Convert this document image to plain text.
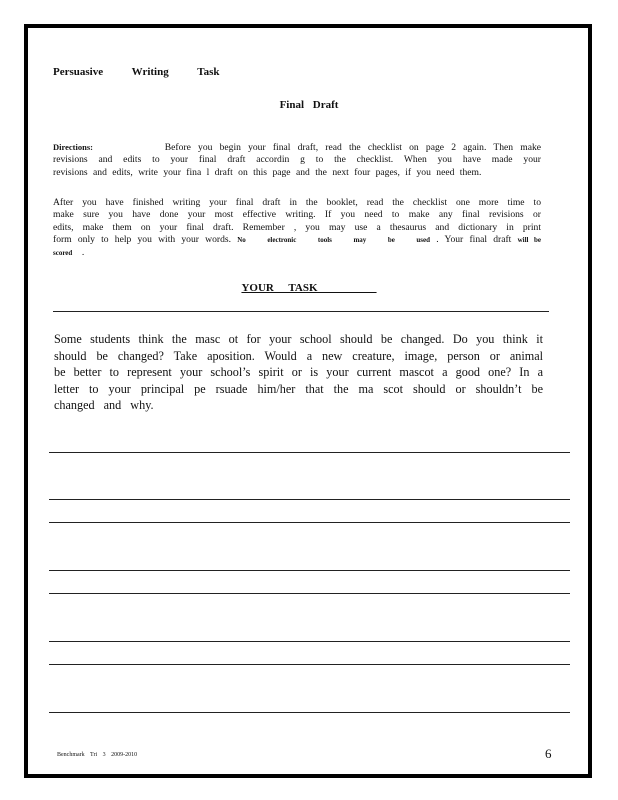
Persuasive Writing Task
Final Draft
Directions:	Before you begin your final draft, read the checklist on page 2 again. Then make
revisions and edits to your final draft accordin g to the checklist. When you have made your
revisions and edits, write your fina l draft on this page and the next four pages, if you need them.
After you have finished writing your final draft in the booklet, read the checklist one more time to
make sure you have done your most effective writing. If you need to make any final revisions or
edits, make them on your final draft. Remember , you may use a thesaurus and dictionary in print
form only to help you with your words. No electronic tools may be used . Your final draft will be
scored .
YOUR TASK
Some students think the masc ot for your school should be changed. Do you think it
should be changed? Take aposition. Would a new creature, image, person or animal
be better to represent your school’s spirit or is your current mascot a good one? In a
letter to your principal pe rsuade him/her that the ma scot should or shouldn’t be
changed and why.
Benchmark Tri 3 2009-2010	6
